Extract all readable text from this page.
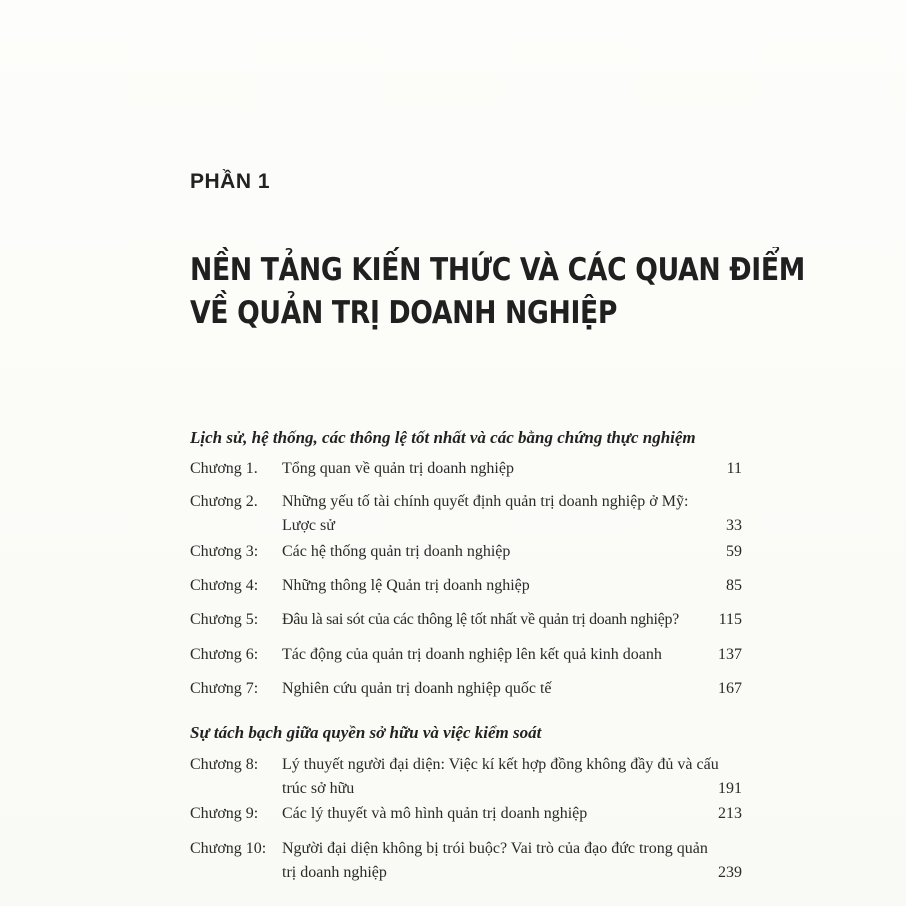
PHẦN 1
NỀN TẢNG KIẾN THỨC VÀ CÁC QUAN ĐIỂM
VỀ QUẢN TRỊ DOANH NGHIỆP
Lịch sử, hệ thống, các thông lệ tốt nhất và các bằng chứng thực nghiệm
Chương 1. Tổng quan về quản trị doanh nghiệp	11
Chương 2. Những yếu tố tài chính quyết định quản trị doanh nghiệp ở Mỹ: Lược sử	33
Chương 3: Các hệ thống quản trị doanh nghiệp	59
Chương 4: Những thông lệ Quản trị doanh nghiệp	85
Chương 5: Đâu là sai sót của các thông lệ tốt nhất về quản trị doanh nghiệp?	115
Chương 6: Tác động của quản trị doanh nghiệp lên kết quả kinh doanh	137
Chương 7: Nghiên cứu quản trị doanh nghiệp quốc tế	167
Sự tách bạch giữa quyền sở hữu và việc kiểm soát
Chương 8: Lý thuyết người đại diện: Việc kí kết hợp đồng không đầy đủ và cấu trúc sở hữu	191
Chương 9: Các lý thuyết và mô hình quản trị doanh nghiệp	213
Chương 10: Người đại diện không bị trói buộc? Vai trò của đạo đức trong quản trị doanh nghiệp	239
